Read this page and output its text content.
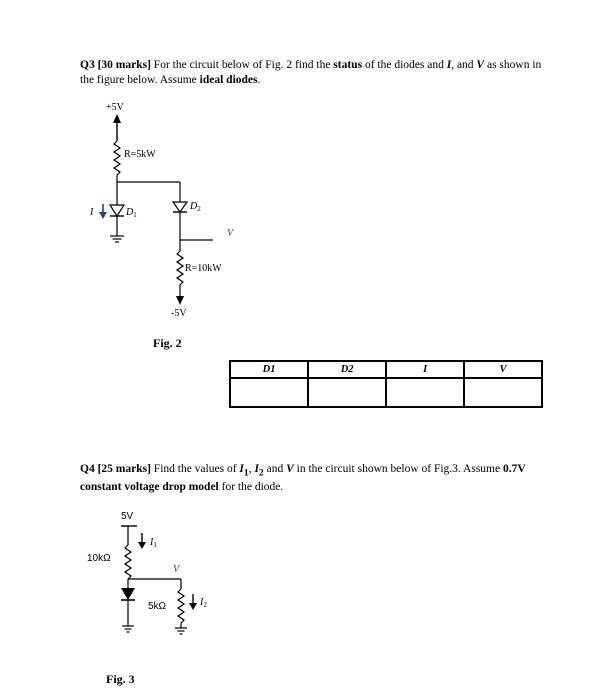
Q3 [30 marks] For the circuit below of Fig. 2 find the status of the diodes and I, and V as shown in the figure below. Assume ideal diodes.
+5V
R=5kW
$D_1$
I
$D_2$
V
R=10kW
-5V
5V
$I_1$
10kΩ
V
5kΩ	$I_2$
Fig. 2
D1	D2	I	V

Q4 [25 marks] Find the values of $I_1$, $I_2$ and V in the circuit shown below of Fig.3. Assume 0.7V constant voltage drop model for the diode.
Fig. 3
